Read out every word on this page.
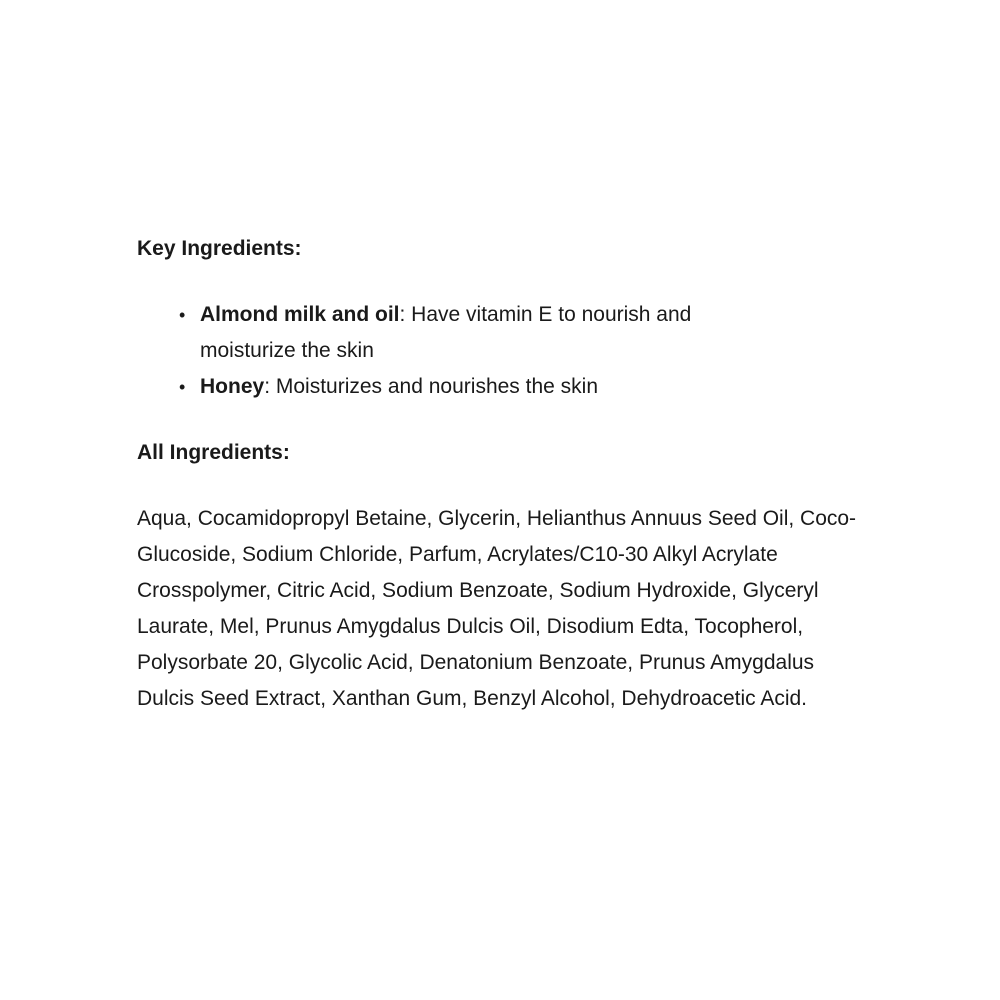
Key Ingredients:
• Almond milk and oil: Have vitamin E to nourish and moisturize the skin
• Honey: Moisturizes and nourishes the skin
All Ingredients:

Aqua, Cocamidopropyl Betaine, Glycerin, Helianthus Annuus Seed Oil, Coco-Glucoside, Sodium Chloride, Parfum, Acrylates/C10-30 Alkyl Acrylate Crosspolymer, Citric Acid, Sodium Benzoate, Sodium Hydroxide, Glyceryl Laurate, Mel, Prunus Amygdalus Dulcis Oil, Disodium Edta, Tocopherol, Polysorbate 20, Glycolic Acid, Denatonium Benzoate, Prunus Amygdalus Dulcis Seed Extract, Xanthan Gum, Benzyl Alcohol, Dehydroacetic Acid.
